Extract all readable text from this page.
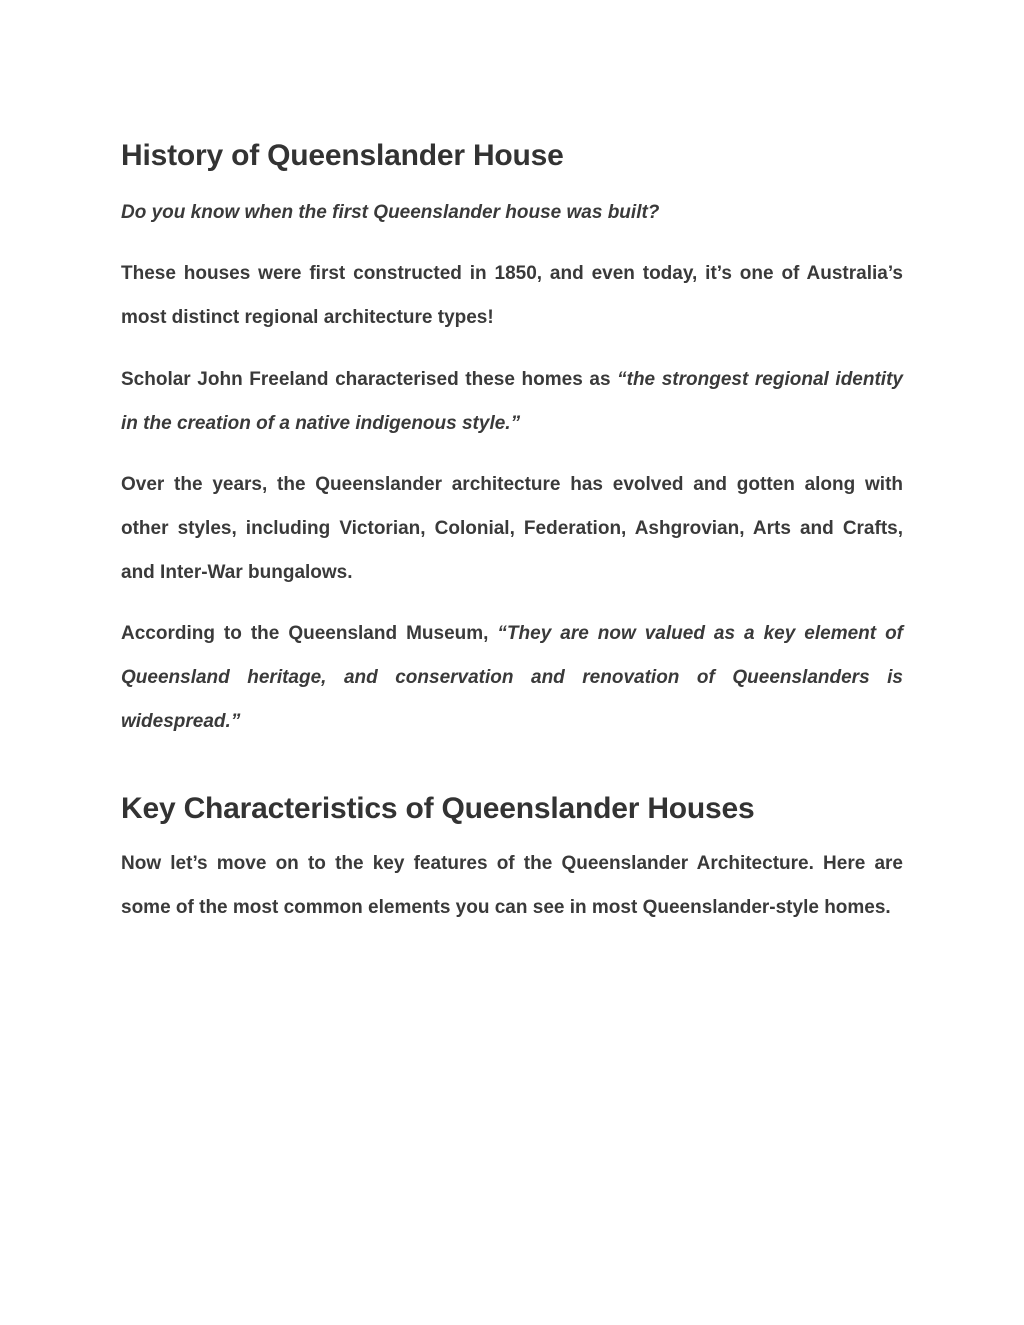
History of Queenslander House

Do you know when the first Queenslander house was built?

These houses were first constructed in 1850, and even today, it’s one of Australia’s most distinct regional architecture types!

Scholar John Freeland characterised these homes as “the strongest regional identity in the creation of a native indigenous style.”

Over the years, the Queenslander architecture has evolved and gotten along with other styles, including Victorian, Colonial, Federation, Ashgrovian, Arts and Crafts, and Inter-War bungalows.

According to the Queensland Museum, “They are now valued as a key element of Queensland heritage, and conservation and renovation of Queenslanders is widespread.”

Key Characteristics of Queenslander Houses

Now let’s move on to the key features of the Queenslander Architecture. Here are some of the most common elements you can see in most Queenslander-style homes.
